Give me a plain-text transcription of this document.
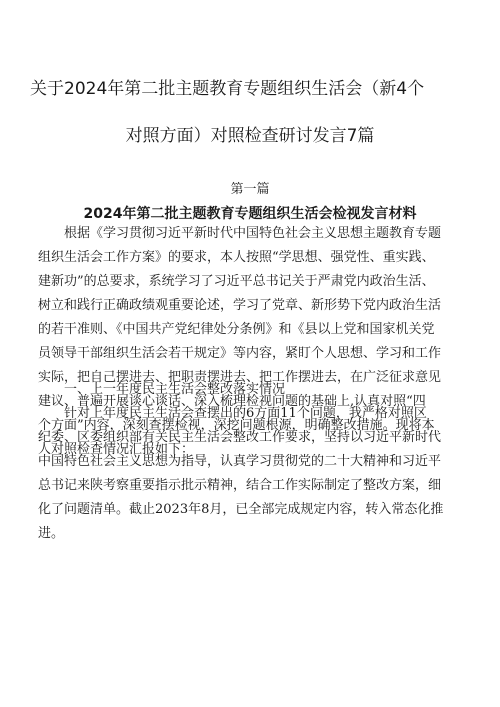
关于2024年第二批主题教育专题组织生活会（新4个
对照方面）对照检查研讨发言7篇
第一篇
2024年第二批主题教育专题组织生活会检视发言材料
　　根据《学习贯彻习近平新时代中国特色社会主义思想主题教育专题
组织生活会工作方案》的要求，本人按照“学思想、强党性、重实践、
建新功”的总要求，系统学习了习近平总书记关于严肃党内政治生活、
树立和践行正确政绩观重要论述，学习了党章、新形势下党内政治生活
的若干准则、《中国共产党纪律处分条例》和《县以上党和国家机关党
员领导干部组织生活会若干规定》等内容，紧盯个人思想、学习和工作
实际，把自己摆进去、把职责摆进去、把工作摆进去，在广泛征求意见
建议、普遍开展谈心谈话、深入梳理检视问题的基础上,认真对照“四
个方面”内容，深刻查摆检视，深挖问题根源，明确整改措施。现将本
人对照检查情况汇报如下：
　　一、上一年度民主生活会整改落实情况
　　针对上年度民主生活会查摆出的6方面11个问题，我严格对照区
纪委、区委组织部有关民主生活会整改工作要求，坚持以习近平新时代
中国特色社会主义思想为指导，认真学习贯彻党的二十大精神和习近平
总书记来陕考察重要指示批示精神，结合工作实际制定了整改方案，细
化了问题清单。截止2023年8月，已全部完成规定内容，转入常态化推
进。
